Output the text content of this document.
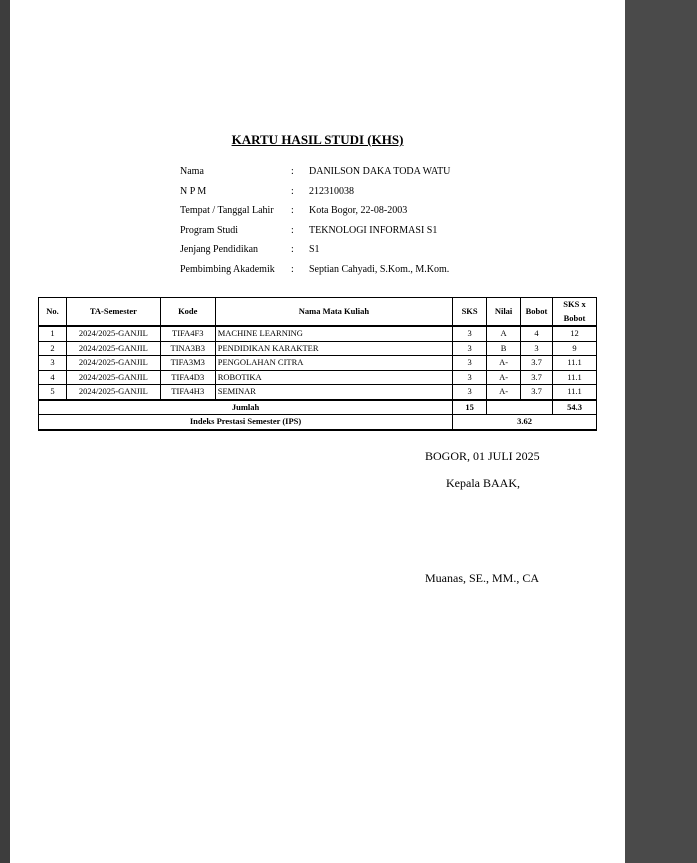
KARTU HASIL STUDI (KHS)
Nama	: DANILSON DAKA TODA WATU
N P M	: 212310038
Tempat / Tanggal Lahir : Kota Bogor, 22-08-2003
Program Studi	: TEKNOLOGI INFORMASI S1
Jenjang Pendidikan	: S1
Pembimbing Akademik : Septian Cahyadi, S.Kom., M.Kom.
No.	TA-Semester	Kode	Nama Mata Kuliah	SKS	Nilai	Bobot	SKS x Bobot
1	2024/2025-GANJIL	TIFA4F3	MACHINE LEARNING	3	A	4	12
2	2024/2025-GANJIL	TINA3B3	PENDIDIKAN KARAKTER	3	B	3	9
3	2024/2025-GANJIL	TIFA3M3	PENGOLAHAN CITRA	3	A-	3.7	11.1
4	2024/2025-GANJIL	TIFA4D3	ROBOTIKA	3	A-	3.7	11.1
5	2024/2025-GANJIL	TIFA4H3	SEMINAR	3	A-	3.7	11.1
Jumlah				15			54.3
Indeks Prestasi Semester (IPS)				3.62			
BOGOR, 01 JULI 2025
Kepala BAAK,
Muanas, SE., MM., CA
